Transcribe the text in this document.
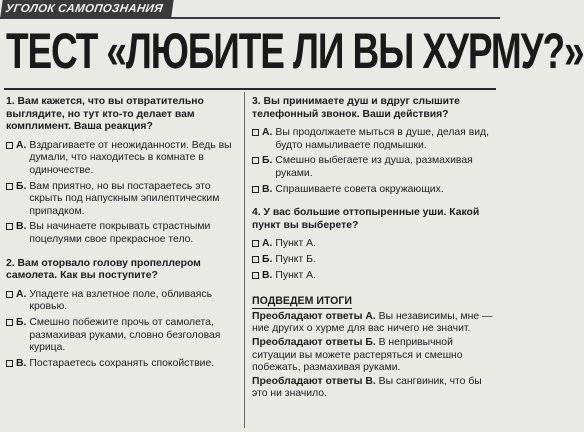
УГОЛОК САМОПОЗНАНИЯ
ТЕСТ «ЛЮБИТЕ ЛИ ВЫ ХУРМУ?»
1. Вам кажется, что вы отвратительно выглядите, но тут кто-то делает вам комплимент. Ваша реакция?
А. Вздрагиваете от неожиданности. Ведь вы думали, что находитесь в комнате в одиночестве.
Б. Вам приятно, но вы постараетесь это скрыть под напускным эпилептическим припадком.
В. Вы начинаете покрывать страстными поцелуями свое прекрасное тело.
2. Вам оторвало голову пропеллером самолета. Как вы поступите?
А. Упадете на взлетное поле, обливаясь кровью.
Б. Смешно побежите прочь от самолета, размахивая руками, словно безголовая курица.
В. Постараетесь сохранять спокойствие.
3. Вы принимаете душ и вдруг слышите телефонный звонок. Ваши действия?
А. Вы продолжаете мыться в душе, делая вид, будто намыливаете подмышки.
Б. Смешно выбегаете из душа, размахивая руками.
В. Спрашиваете совета окружающих.
4. У вас большие оттопыренные уши. Какой пункт вы выберете?
А. Пункт А.
Б. Пункт Б.
В. Пункт А.
ПОДВЕДЕМ ИТОГИ
Преобладают ответы А. Вы независимы, мне — ние других о хурме для вас ничего не значит.
Преобладают ответы Б. В непривычной ситуации вы можете растеряться и смешно побежать, размахивая руками.
Преобладают ответы В. Вы сангвиник, что бы это ни значило.
